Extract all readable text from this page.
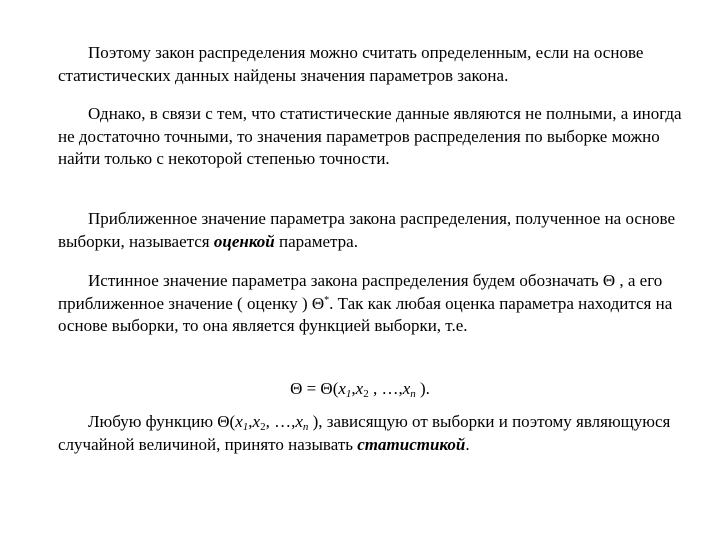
Поэтому закон распределения можно считать определенным, если на основе статистических данных найдены значения параметров закона.

Однако, в связи с тем, что статистические данные являются не полными, а иногда не достаточно точными, то значения параметров распределения по выборке можно найти только с некоторой степенью точности.

Приближенное значение параметра закона распределения, полученное на основе выборки, называется оценкой параметра.

Истинное значение параметра закона распределения будем обозначать Θ , а его приближенное значение ( оценку ) Θ*. Так как любая оценка параметра находится на основе выборки, то она является функцией выборки, т.е.

$\Theta = \Theta(x_1,x_2$ , $\dots,x_n$ ).

Любую функцию $\Theta(x_1,x_2$, $\dots,x_n$ ), зависящую от выборки и поэтому являющуюся случайной величиной, принято называть статистикой.
